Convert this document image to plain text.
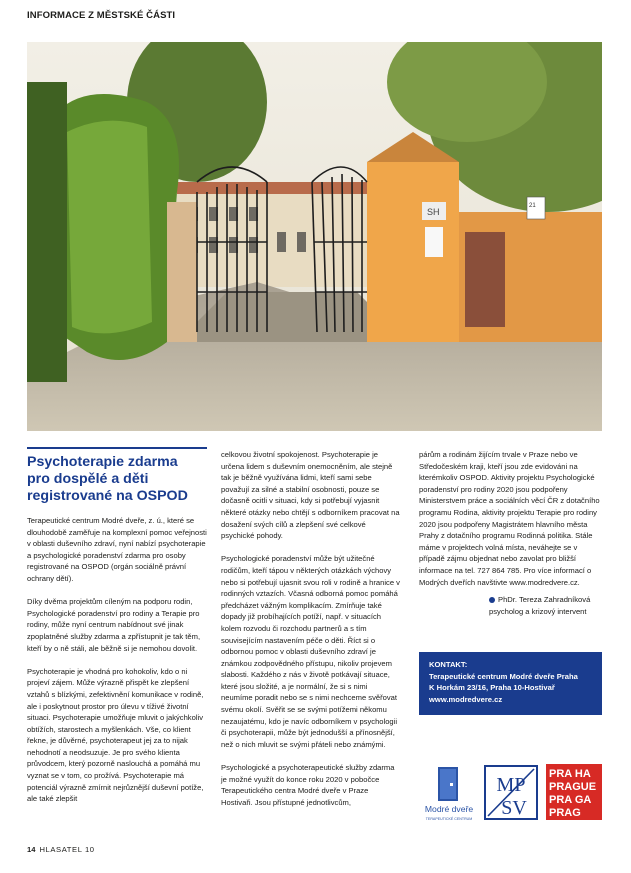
INFORMACE Z MĚSTSKÉ ČÁSTI
21
SH
Psychoterapie zdarma
pro dospělé a děti
registrované na OSPOD

Terapeutické centrum Modré dveře, z. ú., které se dlouhodobě zaměřuje na komplexní pomoc veřejnosti v oblasti duševního zdraví, nyní nabízí psychoterapie a psychologické poradenství zdarma pro osoby registrované na OSPOD (orgán sociálně právní ochrany dětí).

Díky dvěma projektům cíleným na podporu rodin, Psychologické poradenství pro rodiny a Terapie pro rodiny, může nyní centrum nabídnout své jinak zpoplatněné služby zdarma a zpřístupnit je tak těm, kteří by o ně stáli, ale běžně si je nemohou dovolit.

Psychoterapie je vhodná pro kohokoliv, kdo o ni projeví zájem. Může výrazně přispět ke zlepšení vztahů s blízkými, zefektivnění komunikace v rodině, ale i poskytnout prostor pro úlevu v tíživé životní situaci. Psychoterapie umožňuje mluvit o jakýchkoliv obtížích, starostech a myšlenkách. Vše, co klient řekne, je důvěrné, psychoterapeut jej za to nijak nehodnotí a neodsuzuje. Je pro svého klienta průvodcem, který pozorně naslouchá a pomáhá mu vyznat se v tom, co prožívá. Psychoterapie má potenciál výrazně zmírnit nejrůznější duševní potíže, ale také zlepšit

celkovou životní spokojenost. Psychoterapie je určena lidem s duševním onemocněním, ale stejně tak je běžně využívána lidmi, kteří sami sebe považují za silné a stabilní osobnosti, pouze se dočasně ocitli v situaci, kdy si potřebují vyjasnit některé otázky nebo chtějí s odborníkem pracovat na dosažení svých cílů a zlepšení své celkové psychické pohody.

Psychologické poradenství může být užitečné rodičům, kteří tápou v některých otázkách výchovy nebo si potřebují ujasnit svou roli v rodině a hranice v rodinných vztazích. Včasná odborná pomoc pomáhá předcházet vážným komplikacím. Zmírňuje také dopady již probíhajících potíží, např. v situacích kolem rozvodu či rozchodu partnerů a s tím souvisejícím nastavením péče o děti. Říct si o odbornou pomoc v oblasti duševního zdraví je známkou zodpovědného přístupu, nikoliv projevem slabosti. Každého z nás v životě potkávají situace, které jsou složité, a je normální, že si s nimi neumíme poradit nebo se s nimi nechceme svěřovat svému okolí. Svěřit se se svými potížemi někomu nezaujatému, kdo je navíc odborníkem v psychologii či psychoterapii, může být jednodušší a přínosnější, než o nich mluvit se svými přáteli nebo známými.

Psychologické a psychoterapeutické služby zdarma je možné využít do konce roku 2020 v pobočce Terapeutického centra Modré dveře v Praze Hostivaři. Jsou přístupné jednotlivcům,

párům a rodinám žijícím trvale v Praze nebo ve Středočeském kraji, kteří jsou zde evidováni na kterémkoliv OSPOD. Aktivity projektu Psychologické poradenství pro rodiny 2020 jsou podpořeny Ministerstvem práce a sociálních věcí ČR z dotačního programu Rodina, aktivity projektu Terapie pro rodiny 2020 jsou podpořeny Magistrátem hlavního města Prahy z dotačního programu Rodinná politika. Stále máme v projektech volná místa, neváhejte se v případě zájmu objednat nebo zavolat pro bližší informace na tel. 727 864 785. Pro více informací o Modrých dveřích navštivte www.modredvere.cz.

PhDr. Tereza Zahradníková
psycholog a krizový intervent
KONTAKT:
Terapeutické centrum Modré dveře Praha
K Horkám 23/16, Praha 10-Hostivař
www.modredvere.cz
Modré dveře
TERAPEUTICKÉ CENTRUM
MP
SV
PRA HA
PRAGUE
PRA GA
PRAG
14 HLASATEL 10
